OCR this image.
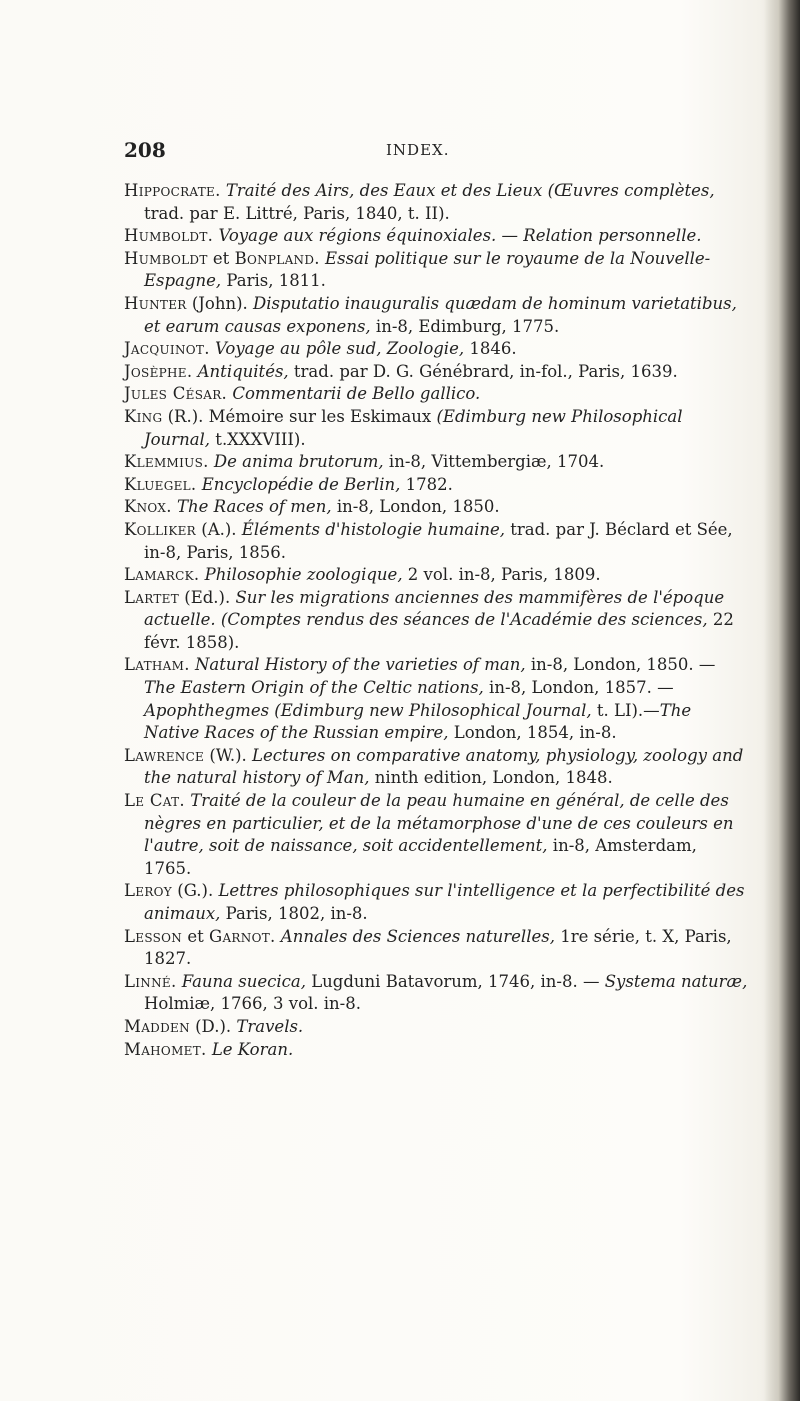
208	INDEX.

Hippocrate. Traité des Airs, des Eaux et des Lieux (Œuvres complètes, trad. par E. Littré, Paris, 1840, t. II).

Humboldt. Voyage aux régions équinoxiales. — Relation personnelle.

Humboldt et Bonpland. Essai politique sur le royaume de la Nouvelle-Espagne, Paris, 1811.

Hunter (John). Disputatio inauguralis quædam de hominum varietatibus, et earum causas exponens, in-8, Edimburg, 1775.

Jacquinot. Voyage au pôle sud, Zoologie, 1846.

Josèphe. Antiquités, trad. par D. G. Génébrard, in-fol., Paris, 1639.

Jules César. Commentarii de Bello gallico.

King (R.). Mémoire sur les Eskimaux (Edimburg new Philosophical Journal, t.XXXVIII).

Klemmius. De anima brutorum, in-8, Vittembergiæ, 1704.

Kluegel. Encyclopédie de Berlin, 1782.

Knox. The Races of men, in-8, London, 1850.

Kolliker (A.). Éléments d'histologie humaine, trad. par J. Béclard et Sée, in-8, Paris, 1856.

Lamarck. Philosophie zoologique, 2 vol. in-8, Paris, 1809.

Lartet (Ed.). Sur les migrations anciennes des mammifères de l'époque actuelle. (Comptes rendus des séances de l'Académie des sciences, 22 févr. 1858).

Latham. Natural History of the varieties of man, in-8, London, 1850. — The Eastern Origin of the Celtic nations, in-8, London, 1857. — Apophthegmes (Edimburg new Philosophical Journal, t. LI).—The Native Races of the Russian empire, London, 1854, in-8.

Lawrence (W.). Lectures on comparative anatomy, physiology, zoology and the natural history of Man, ninth edition, London, 1848.

Le Cat. Traité de la couleur de la peau humaine en général, de celle des nègres en particulier, et de la métamorphose d'une de ces couleurs en l'autre, soit de naissance, soit accidentellement, in-8, Amsterdam, 1765.

Leroy (G.). Lettres philosophiques sur l'intelligence et la perfectibilité des animaux, Paris, 1802, in-8.

Lesson et Garnot. Annales des Sciences naturelles, 1re série, t. X, Paris, 1827.

Linné. Fauna suecica, Lugduni Batavorum, 1746, in-8. — Systema naturæ, Holmiæ, 1766, 3 vol. in-8.

Madden (D.). Travels.

Mahomet. Le Koran.
